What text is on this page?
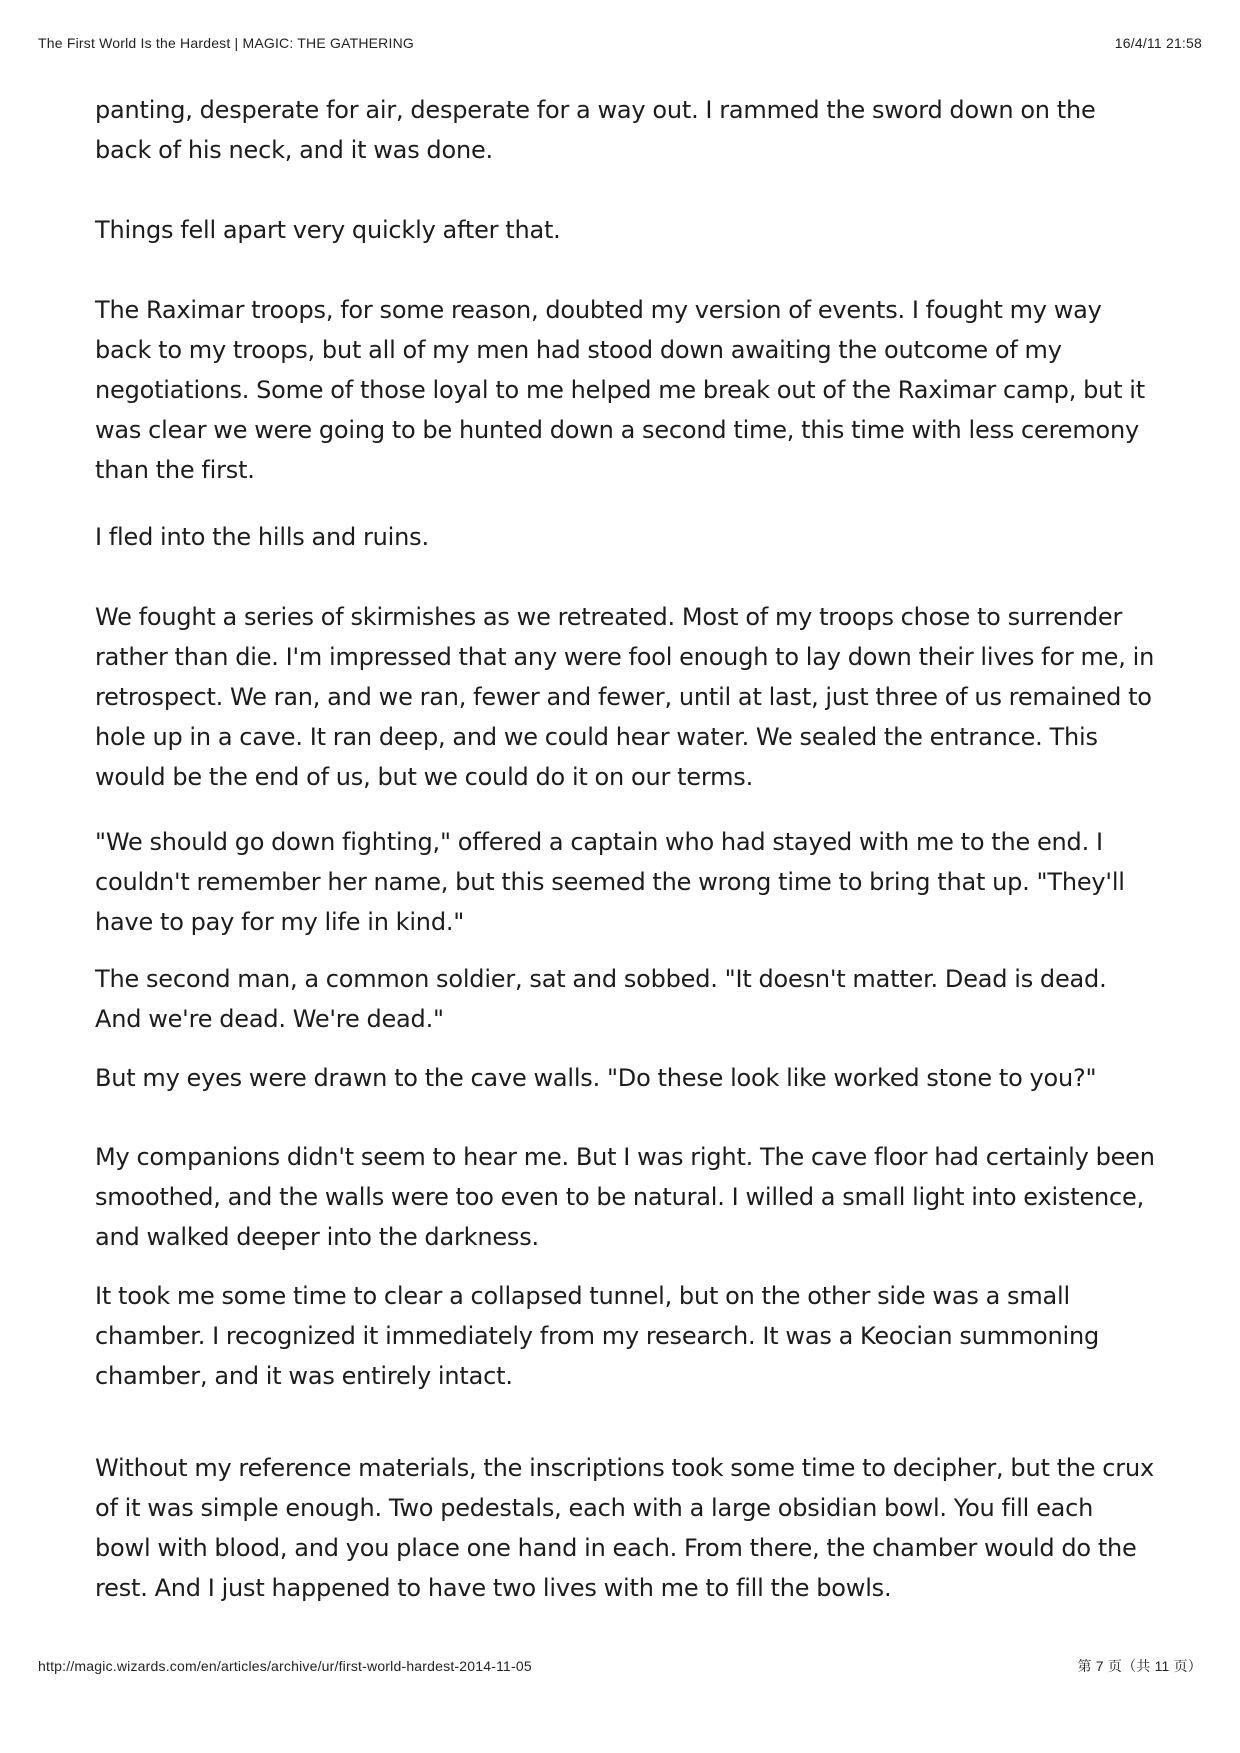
The First World Is the Hardest | MAGIC: THE GATHERING	16/4/11 21:58

panting, desperate for air, desperate for a way out. I rammed the sword down on the back of his neck, and it was done.

Things fell apart very quickly after that.

The Raximar troops, for some reason, doubted my version of events. I fought my way back to my troops, but all of my men had stood down awaiting the outcome of my negotiations. Some of those loyal to me helped me break out of the Raximar camp, but it was clear we were going to be hunted down a second time, this time with less ceremony than the first.

I fled into the hills and ruins.

We fought a series of skirmishes as we retreated. Most of my troops chose to surrender rather than die. I'm impressed that any were fool enough to lay down their lives for me, in retrospect. We ran, and we ran, fewer and fewer, until at last, just three of us remained to hole up in a cave. It ran deep, and we could hear water. We sealed the entrance. This would be the end of us, but we could do it on our terms.

"We should go down fighting," offered a captain who had stayed with me to the end. I couldn't remember her name, but this seemed the wrong time to bring that up. "They'll have to pay for my life in kind."

The second man, a common soldier, sat and sobbed. "It doesn't matter. Dead is dead. And we're dead. We're dead."

But my eyes were drawn to the cave walls. "Do these look like worked stone to you?"

My companions didn't seem to hear me. But I was right. The cave floor had certainly been smoothed, and the walls were too even to be natural. I willed a small light into existence, and walked deeper into the darkness.

It took me some time to clear a collapsed tunnel, but on the other side was a small chamber. I recognized it immediately from my research. It was a Keocian summoning chamber, and it was entirely intact.

Without my reference materials, the inscriptions took some time to decipher, but the crux of it was simple enough. Two pedestals, each with a large obsidian bowl. You fill each bowl with blood, and you place one hand in each. From there, the chamber would do the rest. And I just happened to have two lives with me to fill the bowls.

http://magic.wizards.com/en/articles/archive/ur/first-world-hardest-2014-11-05	第 7 页（共 11 页）
